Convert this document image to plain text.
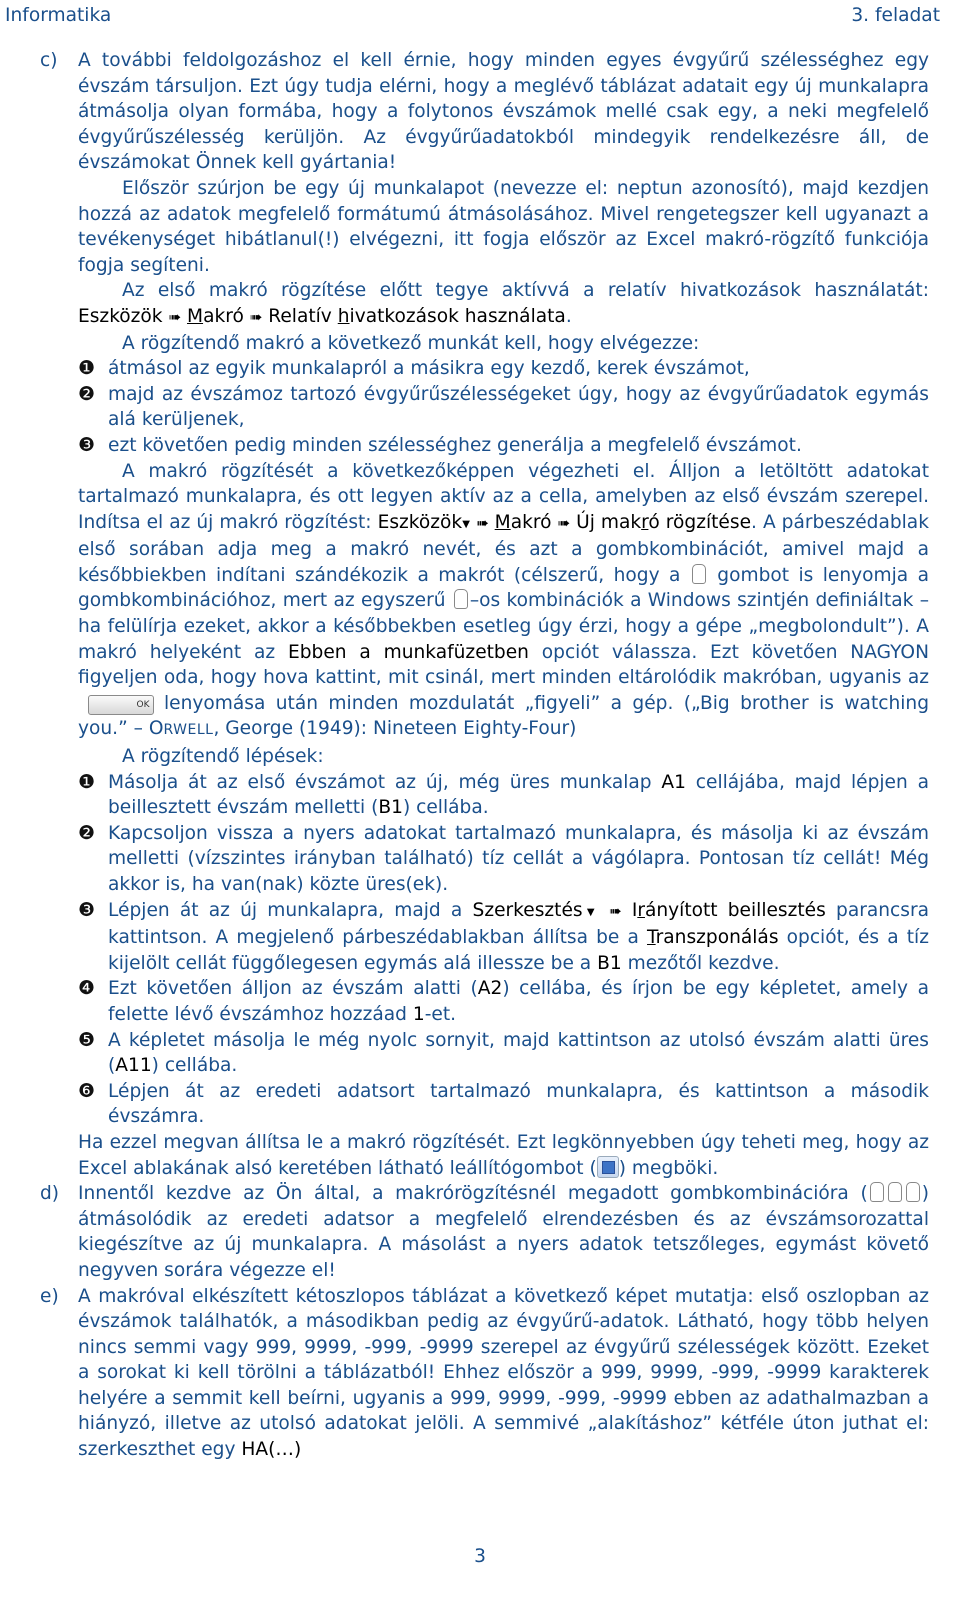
Informatika	3. feladat
c) A további feldolgozáshoz el kell érnie, hogy minden egyes évgyűrű szélességhez egy évszám társuljon. Ezt úgy tudja elérni, hogy a meglévő táblázat adatait egy új munkalapra átmásolja olyan formába, hogy a folytonos évszámok mellé csak egy, a neki megfelelő évgyűrűszélesség kerüljön. Az évgyűrűadatokból mindegyik rendelkezésre áll, de évszámokat Önnek kell gyártania!

Először szúrjon be egy új munkalapot (nevezze el: neptun azonosító), majd kezdjen hozzá az adatok megfelelő formátumú átmásolásához. Mivel rengetegszer kell ugyanazt a tevékenységet hibátlanul(!) elvégezni, itt fogja először az Excel makró-rögzítő funkciója fogja segíteni.

Az első makró rögzítése előtt tegye aktívvá a relatív hivatkozások használatát: Eszközök ➠ Makró ➠ Relatív hivatkozások használata.

A rögzítendő makró a következő munkát kell, hogy elvégezze:

❶ átmásol az egyik munkalapról a másikra egy kezdő, kerek évszámot,

❷ majd az évszámoz tartozó évgyűrűszélességeket úgy, hogy az évgyűrűadatok egymás alá kerüljenek,

❸ ezt követően pedig minden szélességhez generálja a megfelelő évszámot.

A makró rögzítését a következőképpen végezheti el. Álljon a letöltött adatokat tartalmazó munkalapra, és ott legyen aktív az a cella, amelyben az első évszám szerepel. Indítsa el az új makró rögzítést: Eszközök▼ ➠ Makró ➠ Új makró rögzítése. A párbeszédablak első sorában adja meg a makró nevét, és azt a gombkombinációt, amivel majd a későbbiekben indítani szándékozik a makrót (célszerű, hogy a gombot is lenyomja a gombkombinációhoz, mert az egyszerű –os kombinációk a Windows szintjén definiáltak – ha felülírja ezeket, akkor a későbbekben esetleg úgy érzi, hogy a gépe „megbolondult”). A makró helyeként az Ebben a munkafüzetben opciót válassza. Ezt követően NAGYON figyeljen oda, hogy hova kattint, mit csinál, mert minden eltárolódik makróban, ugyanis azOK lenyomása után minden mozdulatát „figyeli” a gép. („Big brother is watching you.” – ORWELL, George (1949): Nineteen Eighty-Four)

A rögzítendő lépések:

❶ Másolja át az első évszámot az új, még üres munkalap A1 cellájába, majd lépjen a beillesztett évszám melletti (B1) cellába.

❷ Kapcsoljon vissza a nyers adatokat tartalmazó munkalapra, és másolja ki az évszám melletti (vízszintes irányban található) tíz cellát a vágólapra. Pontosan tíz cellát! Még akkor is, ha van(nak) közte üres(ek).

❸ Lépjen át az új munkalapra, majd a Szerkesztés▼ ➠ Irányított beillesztés parancsra kattintson. A megjelenő párbeszédablakban állítsa be a Transzponálás opciót, és a tíz kijelölt cellát függőlegesen egymás alá illessze be a B1 mezőtől kezdve.

❹ Ezt követően álljon az évszám alatti (A2) cellába, és írjon be egy képletet, amely a felette lévő évszámhoz hozzáad 1-et.

❺ A képletet másolja le még nyolc sornyit, majd kattintson az utolsó évszám alatti üres (A11) cellába.

❻ Lépjen át az eredeti adatsort tartalmazó munkalapra, és kattintson a második évszámra.

Ha ezzel megvan állítsa le a makró rögzítését. Ezt legkönnyebben úgy teheti meg, hogy az Excel ablakának alsó keretében látható leállítógombot ( ) megböki.

d) Innentől kezdve az Ön által, a makrórögzítésnél megadott gombkombinációra (	) átmásolódik az eredeti adatsor a megfelelő elrendezésben és az évszámsorozattal kiegészítve az új munkalapra. A másolást a nyers adatok tetszőleges, egymást követő negyven sorára végezze el!

e) A makróval elkészített kétoszlopos táblázat a következő képet mutatja: első oszlopban az évszámok találhatók, a másodikban pedig az évgyűrű-adatok. Látható, hogy több helyen nincs semmi vagy 999, 9999, -999, -9999 szerepel az évgyűrű szélességek között. Ezeket a sorokat ki kell törölni a táblázatból! Ehhez először a 999, 9999, -999, -9999 karakterek helyére a semmit kell beírni, ugyanis a 999, 9999, -999, -9999 ebben az adathalmazban a hiányzó, illetve az utolsó adatokat jelöli. A semmivé „alakításhoz” kétféle úton juthat el: szerkeszthet egy HA(…)

3
